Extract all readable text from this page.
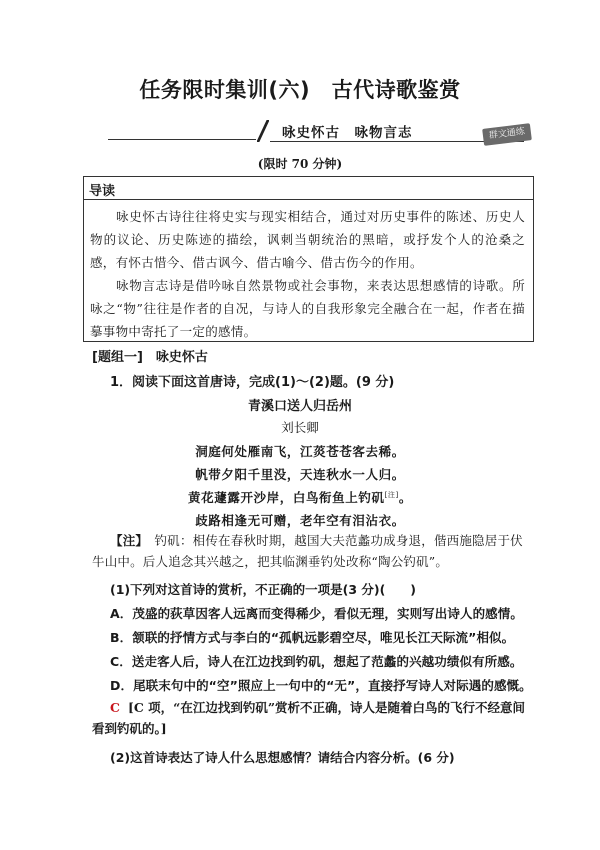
任务限时集训(六)　古代诗歌鉴赏
咏史怀古　咏物言志	群文通练
(限时 70 分钟)
导读

咏史怀古诗往往将史实与现实相结合，通过对历史事件的陈述、历史人物的议论、历史陈迹的描绘，讽刺当朝统治的黑暗，或抒发个人的沧桑之感，有怀古惜今、借古讽今、借古喻今、借古伤今的作用。

咏物言志诗是借吟咏自然景物或社会事物，来表达思想感情的诗歌。所咏之“物”往往是作者的自况，与诗人的自我形象完全融合在一起，作者在描摹事物中寄托了一定的感情。

[题组一]　咏史怀古
1．阅读下面这首唐诗，完成(1)～(2)题。(9 分)
青溪口送人归岳州
刘长卿
洞庭何处雁南飞，江菼苍苍客去稀。
帆带夕阳千里没，天连秋水一人归。
黄花蘧露开沙岸，白鸟衔鱼上钓矶[注]。
歧路相逢无可赠，老年空有泪沾衣。
【注】　钓矶：相传在春秋时期，越国大夫范蠡功成身退，偕西施隐居于伏
牛山中。后人追念其兴越之，把其临渊垂钓处改称“陶公钓矶”。
(1)下列对这首诗的赏析，不正确的一项是(3 分)(　　)
A．茂盛的荻草因客人远离而变得稀少，看似无理，实则写出诗人的感情。
B．颔联的抒情方式与李白的“孤帆远影碧空尽，唯见长江天际流”相似。
C．送走客人后，诗人在江边找到钓矶，想起了范蠡的兴越功绩似有所感。
D．尾联末句中的“空”照应上一句中的“无”，直接抒写诗人对际遇的感慨。
C [C 项，“在江边找到钓矶”赏析不正确，诗人是随着白鸟的飞行不经意间
看到钓矶的。]
(2)这首诗表达了诗人什么思想感情？请结合内容分析。(6 分)
